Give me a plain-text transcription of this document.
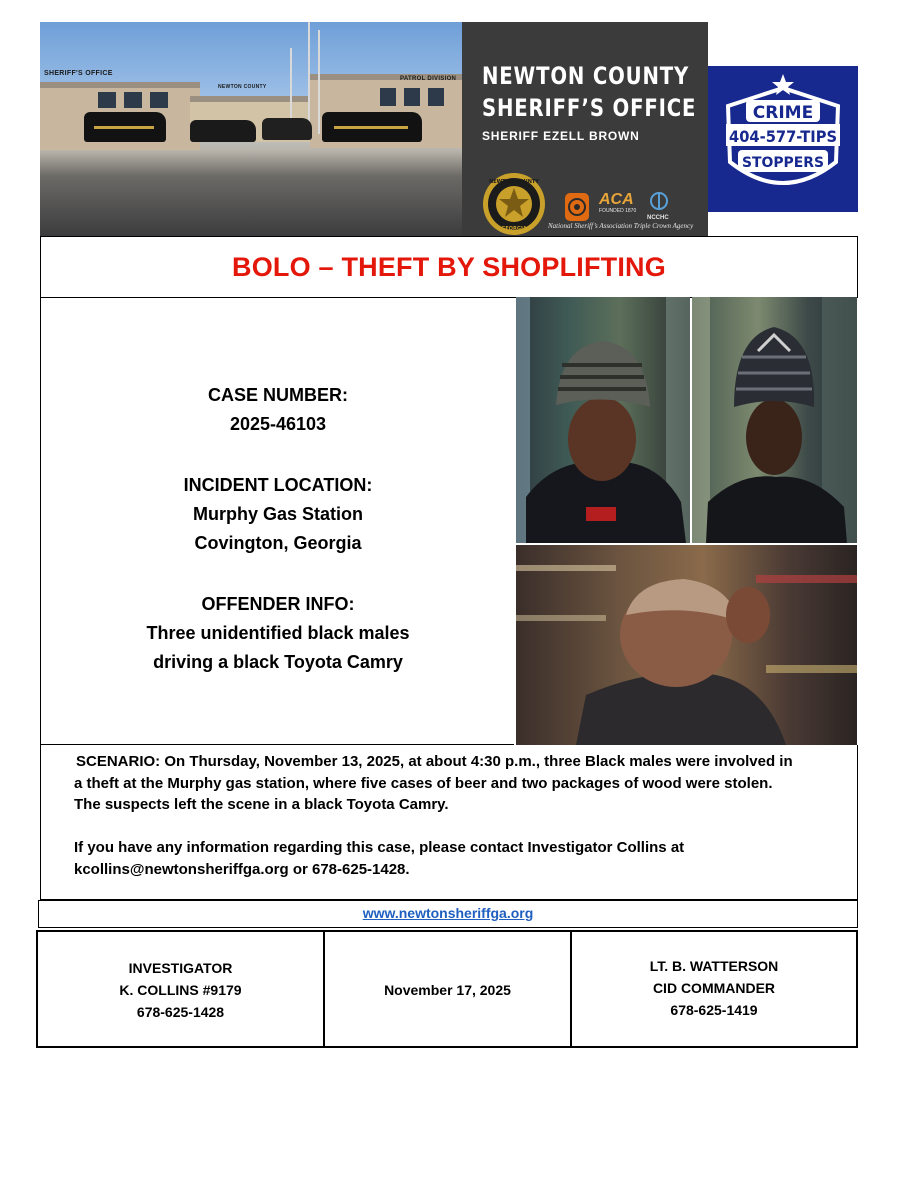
SHERIFF'S OFFICE
NEWTON COUNTY
PATROL DIVISION NEWTON COUNTY
SHERIFF’S OFFICE
SHERIFF EZELL BROWN
NEWTON COUNTY
GEORGIA
ACA
FOUNDED 1870
NCCHC
National Sheriff’s Association Triple Crown Agency
CRIME
404-577-TIPS
STOPPERS
BOLO – THEFT BY SHOPLIFTING
CASE NUMBER:
2025-46103
INCIDENT LOCATION:
Murphy Gas Station
Covington, Georgia
OFFENDER INFO:
Three unidentified black males
driving a black Toyota Camry
SCENARIO: On Thursday, November 13, 2025, at about 4:30 p.m., three Black males were involved in
a theft at the Murphy gas station, where five cases of beer and two packages of wood were stolen.
The suspects left the scene in a black Toyota Camry.
If you have any information regarding this case, please contact Investigator Collins at
kcollins@newtonsheriffga.org or 678-625-1428.
www.newtonsheriffga.org
INVESTIGATOR
K. COLLINS #9179
678-625-1428
November 17, 2025
LT. B. WATTERSON
CID COMMANDER
678-625-1419
